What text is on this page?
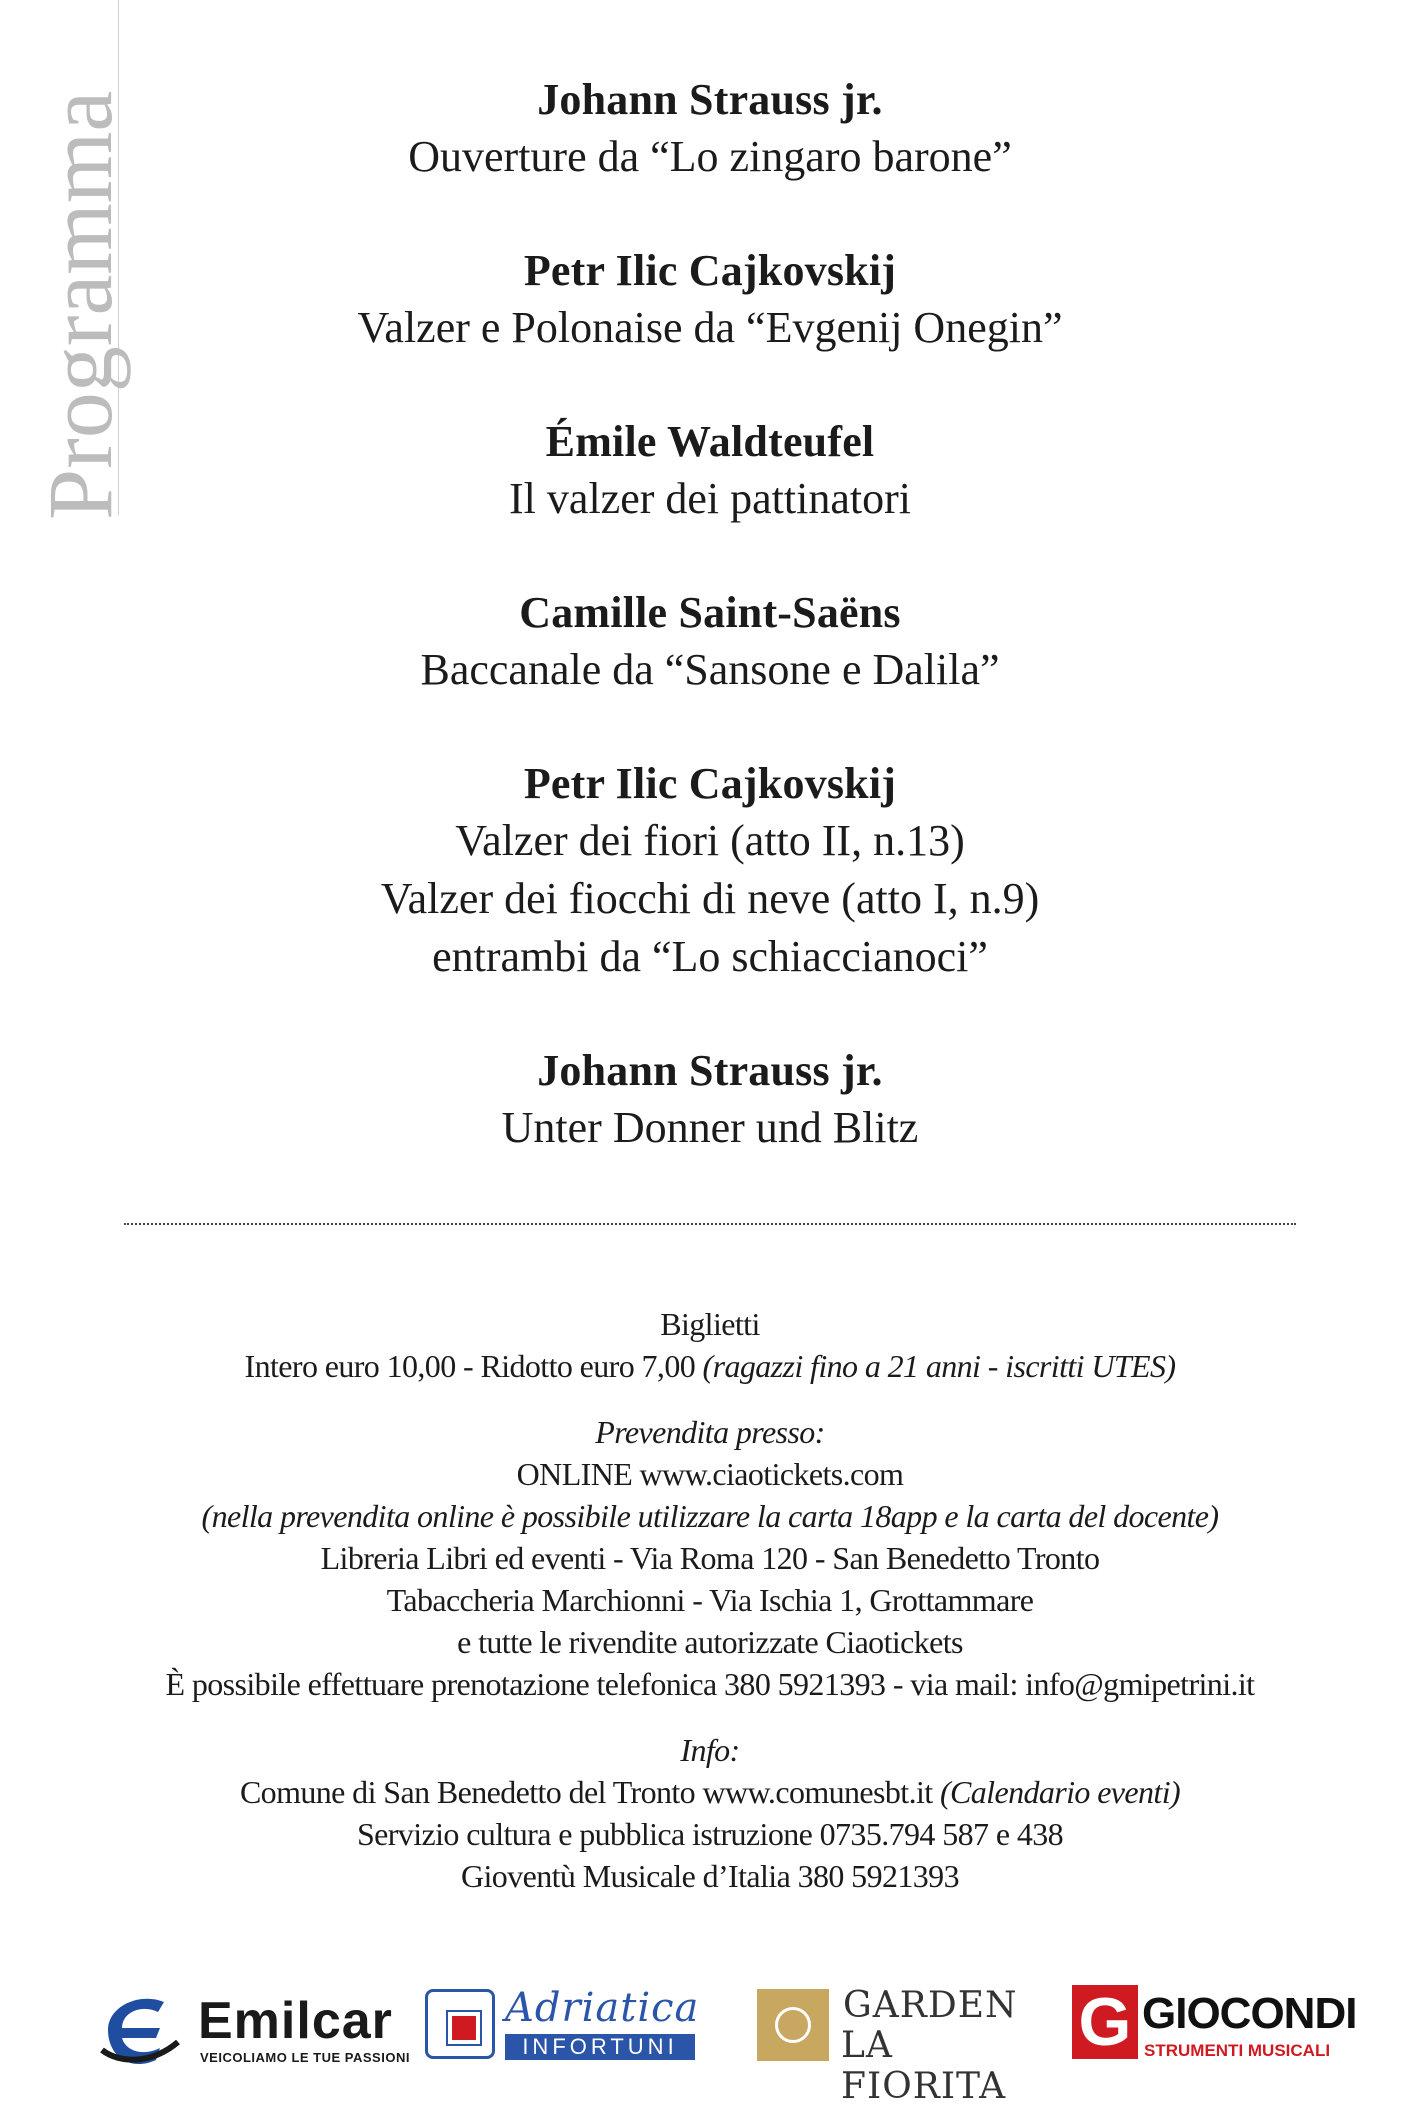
Programma	Johann Strauss jr.
Ouverture da “Lo zingaro barone”
Petr Ilic Cajkovskij
Valzer e Polonaise da “Evgenij Onegin”
Émile Waldteufel
Il valzer dei pattinatori
Camille Saint-Saëns
Baccanale da “Sansone e Dalila”
Petr Ilic Cajkovskij
Valzer dei fiori (atto II, n.13)
Valzer dei fiocchi di neve (atto I, n.9)
entrambi da “Lo schiaccianoci”
Johann Strauss jr.
Unter Donner und Blitz
Biglietti
Intero euro 10,00 - Ridotto euro 7,00 (ragazzi fino a 21 anni - iscritti UTES)
Prevendita presso:
ONLINE www.ciaotickets.com
(nella prevendita online è possibile utilizzare la carta 18app e la carta del docente)
Libreria Libri ed eventi - Via Roma 120 - San Benedetto Tronto
Tabaccheria Marchionni - Via Ischia 1, Grottammare
e tutte le rivendite autorizzate Ciaotickets
È possibile effettuare prenotazione telefonica 380 5921393 - via mail: info@gmipetrini.it
Info:
Comune di San Benedetto del Tronto www.comunesbt.it (Calendario eventi)
Servizio cultura e pubblica istruzione 0735.794 587 e 438
Gioventù Musicale d’Italia 380 5921393
Emilcar
VEICOLIAMO LE TUE PASSIONI
Adriatica
INFORTUNI
GARDEN
LA FIORITA
G GIOCONDI
STRUMENTI MUSICALI
